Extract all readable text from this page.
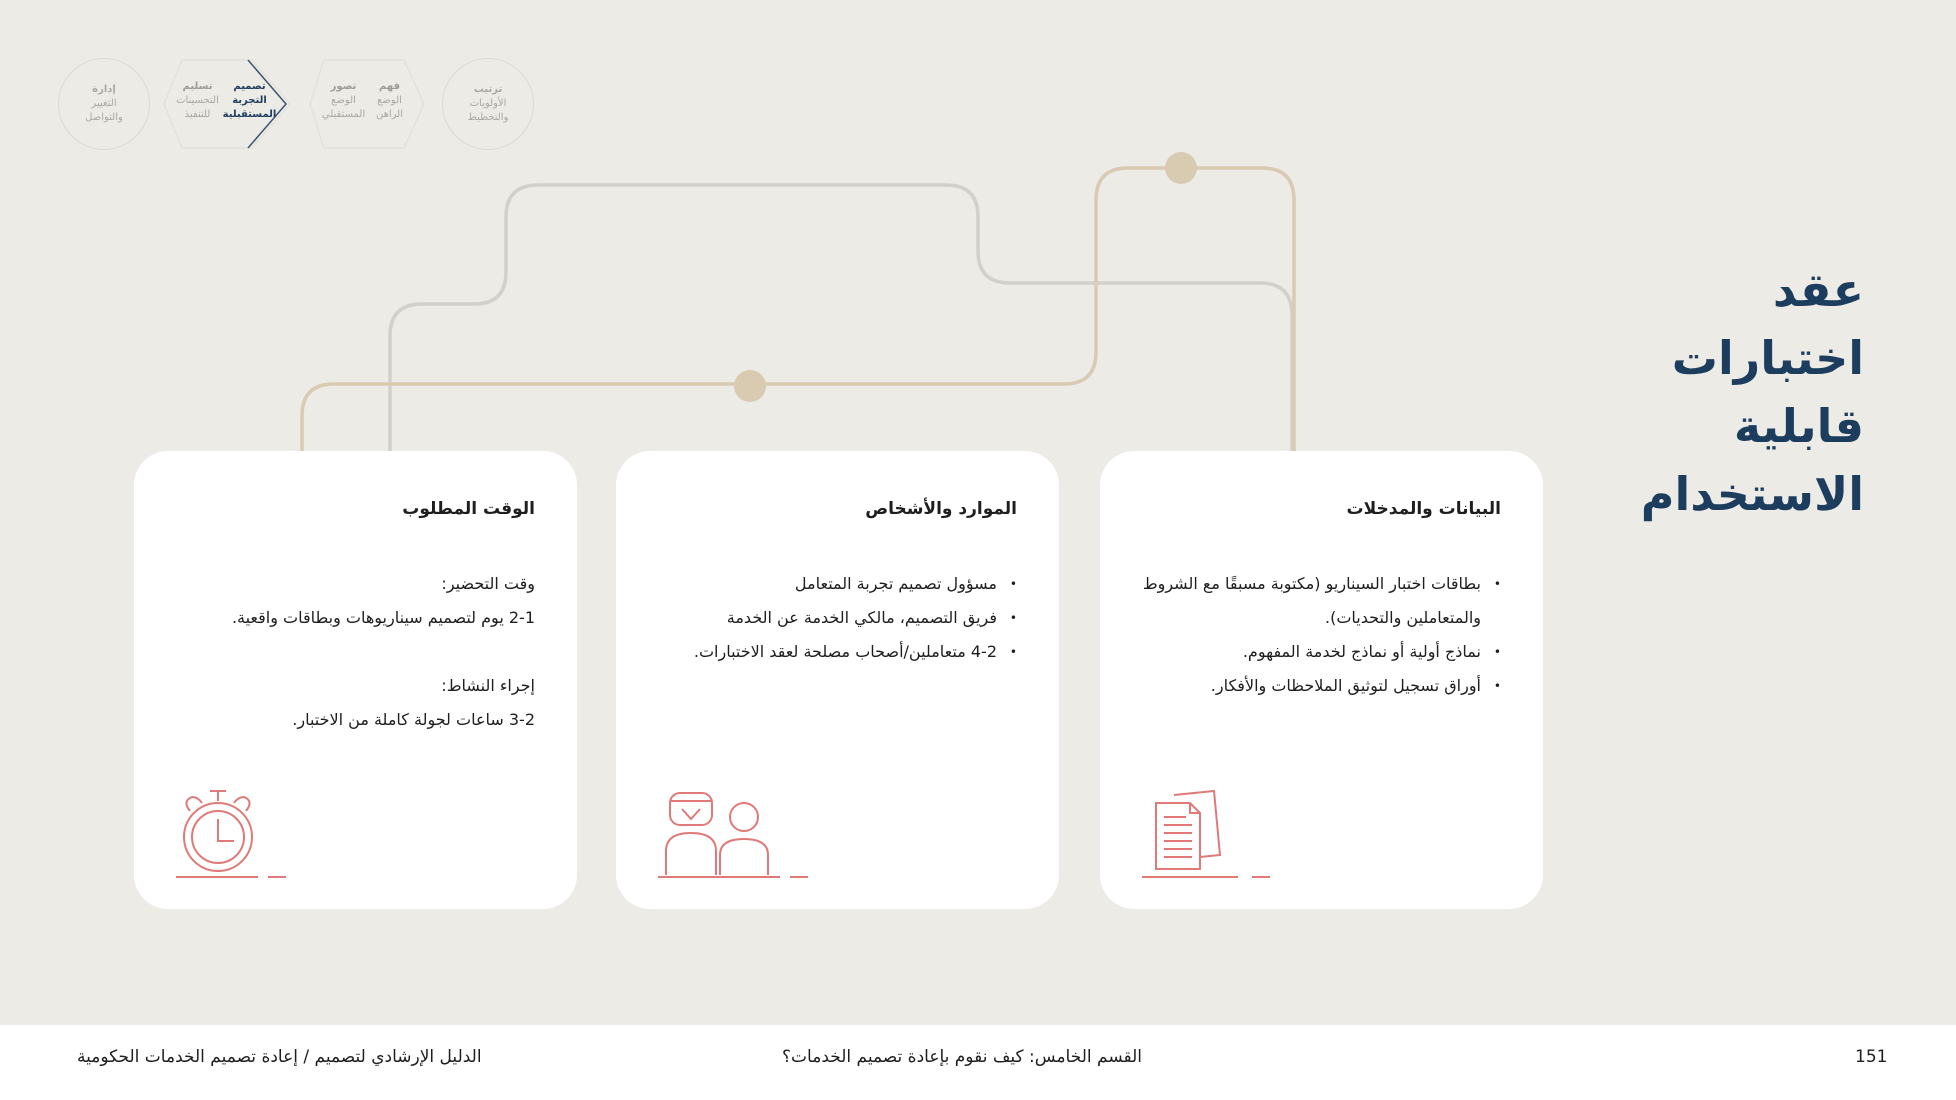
إدارة
التغيير
والتواصل
تسليم
التحسينات
للتنفيذ
تصميم
التجربة
المستقبلية
تصور
الوضع
المستقبلي
فهم
الوضع
الراهن
ترتيب
الأولويات
والتخطيط
عقد
اختبارات
قابلية
الاستخدام
البيانات والمدخلات
• بطاقات اختبار السيناريو (مكتوبة مسبقًا مع الشروط والمتعاملين والتحديات).
• نماذج أولية أو نماذج لخدمة المفهوم.
• أوراق تسجيل لتوثيق الملاحظات والأفكار.
الموارد والأشخاص
• مسؤول تصميم تجربة المتعامل
• فريق التصميم، مالكي الخدمة عن الخدمة
• 4-2 متعاملين/أصحاب مصلحة لعقد الاختبارات.
الوقت المطلوب

وقت التحضير:

2-1 يوم لتصميم سيناريوهات وبطاقات واقعية.

إجراء النشاط:

3-2 ساعات لجولة كاملة من الاختبار.

151
القسم الخامس: كيف نقوم بإعادة تصميم الخدمات؟
الدليل الإرشادي لتصميم / إعادة تصميم الخدمات الحكومية
